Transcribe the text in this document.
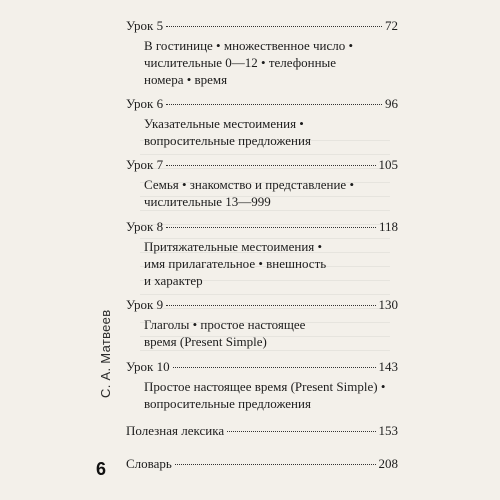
С. А. Матвеев
6
Урок 5	72
В гостинице • множественное число •
числительные 0—12 • телефонные
номера • время
Урок 6	96
Указательные местоимения •
вопросительные предложения
Урок 7	105
Семья • знакомство и представление •
числительные 13—999
Урок 8	118
Притяжательные местоимения •
имя прилагательное • внешность
и характер
Урок 9	130
Глаголы • простое настоящее
время (Present Simple)
Урок 10	143
Простое настоящее время (Present Simple) •
вопросительные предложения
Полезная лексика	153
Словарь	208
